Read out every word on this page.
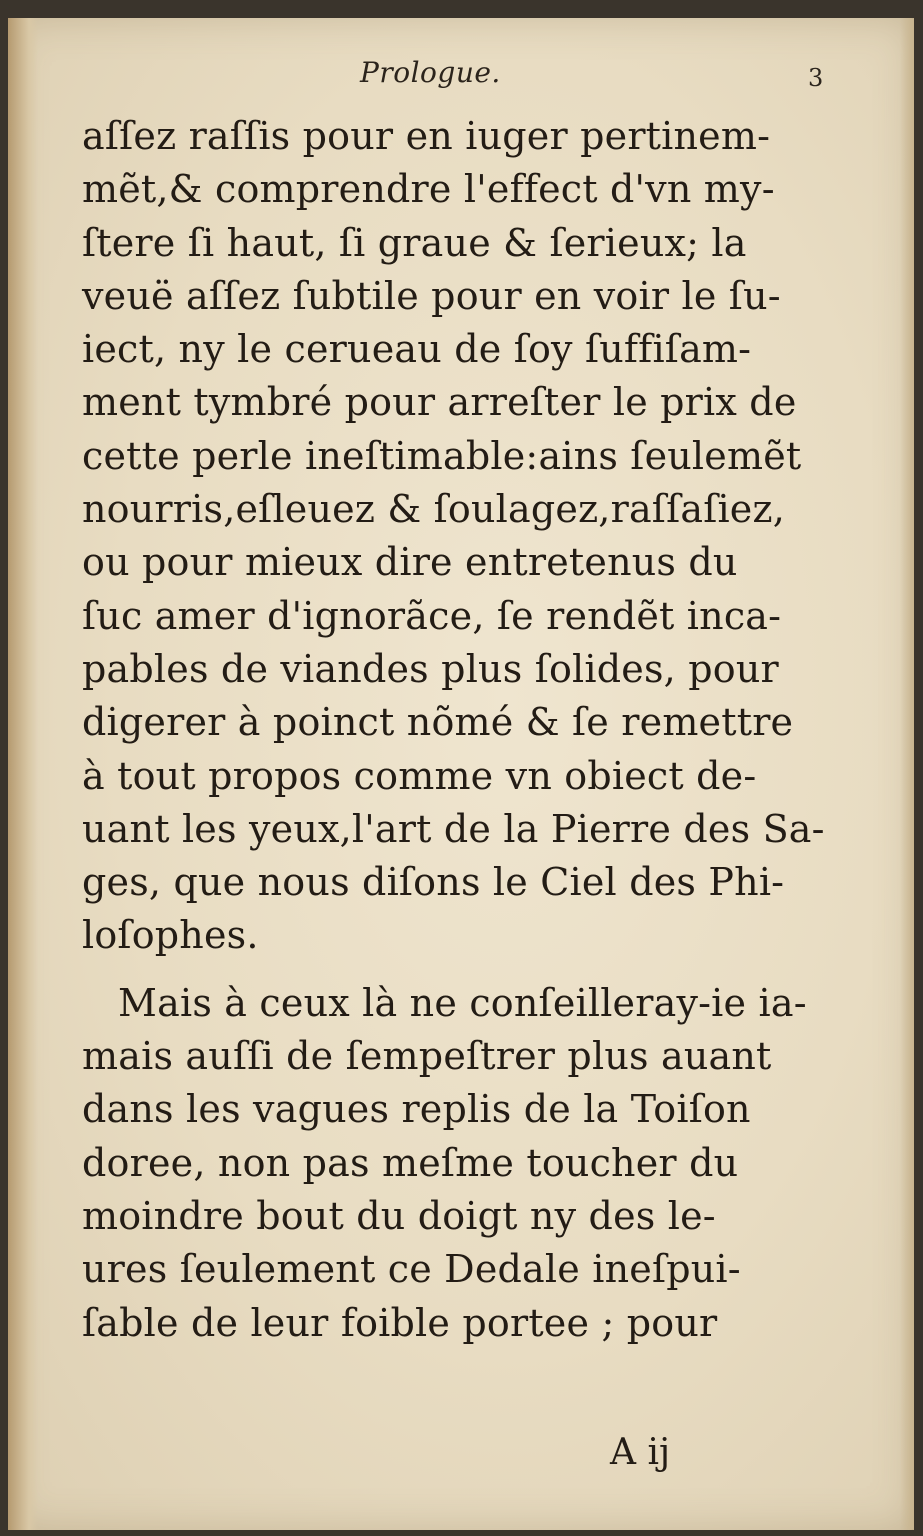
Prologue.	3
aſſez raſſis pour en iuger pertinem-
mẽt,& comprendre l'effect d'vn my-
ſtere ſi haut, ſi graue & ſerieux; la
veuë aſſez ſubtile pour en voir le ſu-
iect, ny le cerueau de ſoy ſuffiſam-
ment tymbré pour arreſter le prix de
cette perle ineſtimable:ains ſeulemẽt
nourris,eſleuez & ſoulagez,raſſaſiez,
ou pour mieux dire entretenus du
ſuc amer d'ignorãce, ſe rendẽt inca-
pables de viandes plus ſolides, pour
digerer à poinct nõmé & ſe remettre
à tout propos comme vn obiect de-
uant les yeux,l'art de la Pierre des Sa-
ges, que nous diſons le Ciel des Phi-
loſophes.
Mais à ceux là ne conſeilleray-ie ia-
mais auſſi de ſempeſtrer plus auant
dans les vagues replis de la Toiſon
doree, non pas meſme toucher du
moindre bout du doigt ny des le-
ures ſeulement ce Dedale ineſpui-
ſable de leur foible portee ; pour
A ij
